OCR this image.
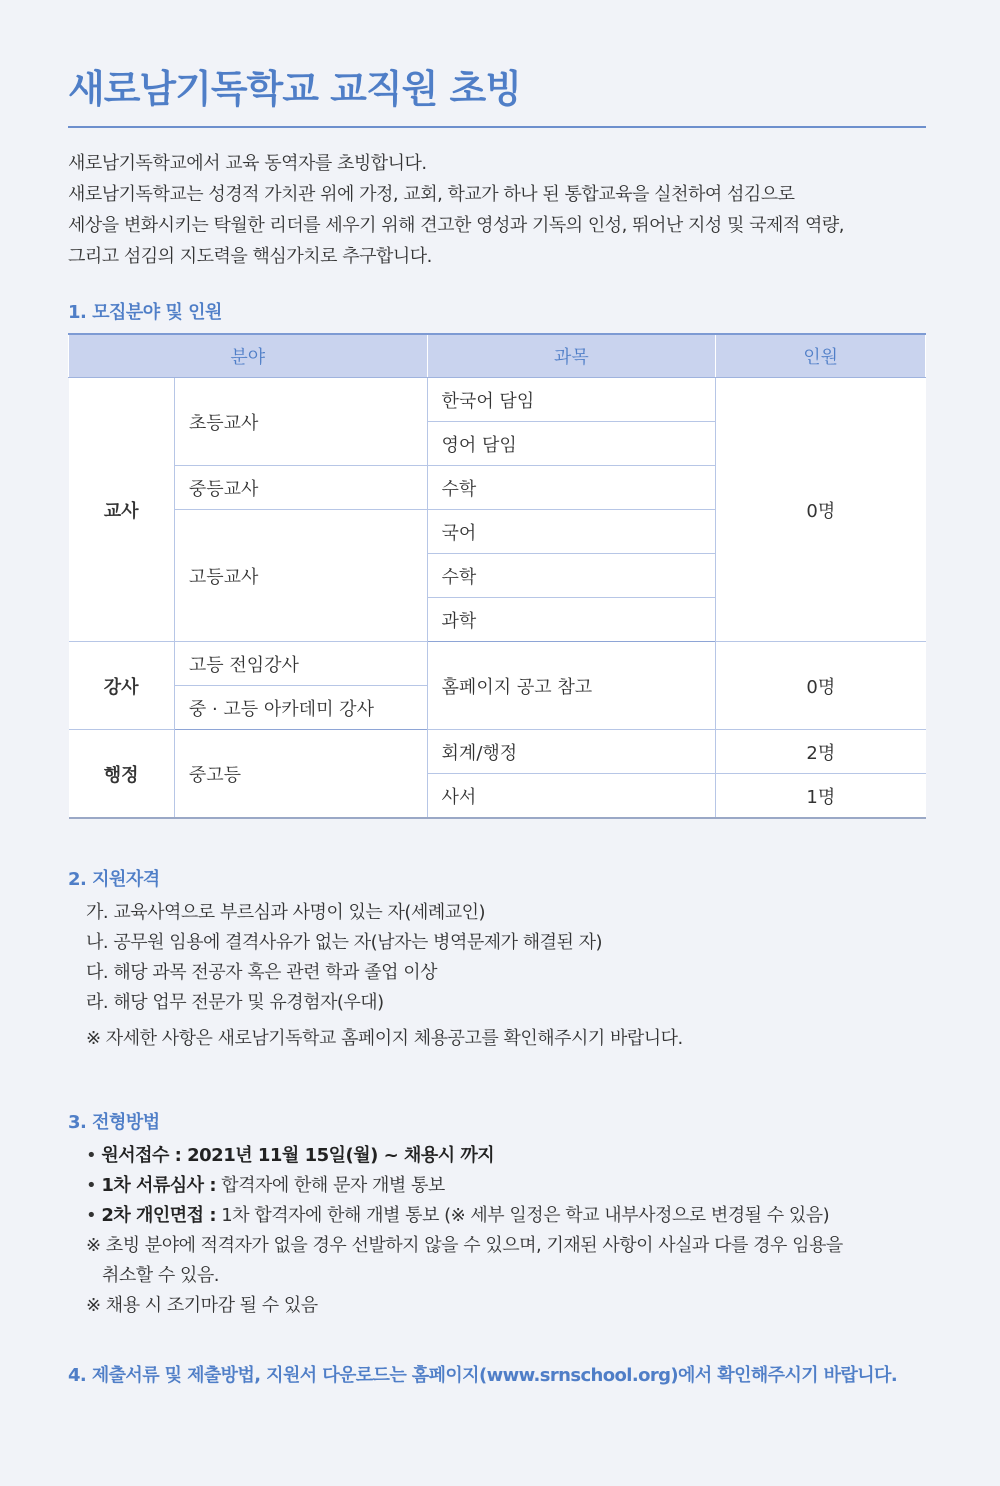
새로남기독학교 교직원 초빙
새로남기독학교에서 교육 동역자를 초빙합니다.
새로남기독학교는 성경적 가치관 위에 가정, 교회, 학교가 하나 된 통합교육을 실천하여 섬김으로
세상을 변화시키는 탁월한 리더를 세우기 위해 견고한 영성과 기독의 인성, 뛰어난 지성 및 국제적 역량,
그리고 섬김의 지도력을 핵심가치로 추구합니다.
1. 모집분야 및 인원
분야		과목	인원
교사	초등교사	한국어 담임	0명
		영어 담임	
	중등교사	수학	
	고등교사	국어	
		수학	
		과학	
강사	고등 전임강사	홈페이지 공고 참고	0명
	중 · 고등 아카데미 강사		
행정	중고등	회계/행정	2명
		사서	1명
2. 지원자격
가. 교육사역으로 부르심과 사명이 있는 자(세례교인)
나. 공무원 임용에 결격사유가 없는 자(남자는 병역문제가 해결된 자)
다. 해당 과목 전공자 혹은 관련 학과 졸업 이상
라. 해당 업무 전문가 및 유경험자(우대)
※ 자세한 사항은 새로남기독학교 홈페이지 체용공고를 확인해주시기 바랍니다.
3. 전형방법
• 원서접수 : 2021년 11월 15일(월) ~ 채용시 까지
• 1차 서류심사 : 합격자에 한해 문자 개별 통보
• 2차 개인면접 : 1차 합격자에 한해 개별 통보 (※ 세부 일정은 학교 내부사정으로 변경될 수 있음)
※ 초빙 분야에 적격자가 없을 경우 선발하지 않을 수 있으며, 기재된 사항이 사실과 다를 경우 임용을
취소할 수 있음.
※ 채용 시 조기마감 될 수 있음
4. 제출서류 및 제출방법, 지원서 다운로드는 홈페이지(www.srnschool.org)에서 확인해주시기 바랍니다.
